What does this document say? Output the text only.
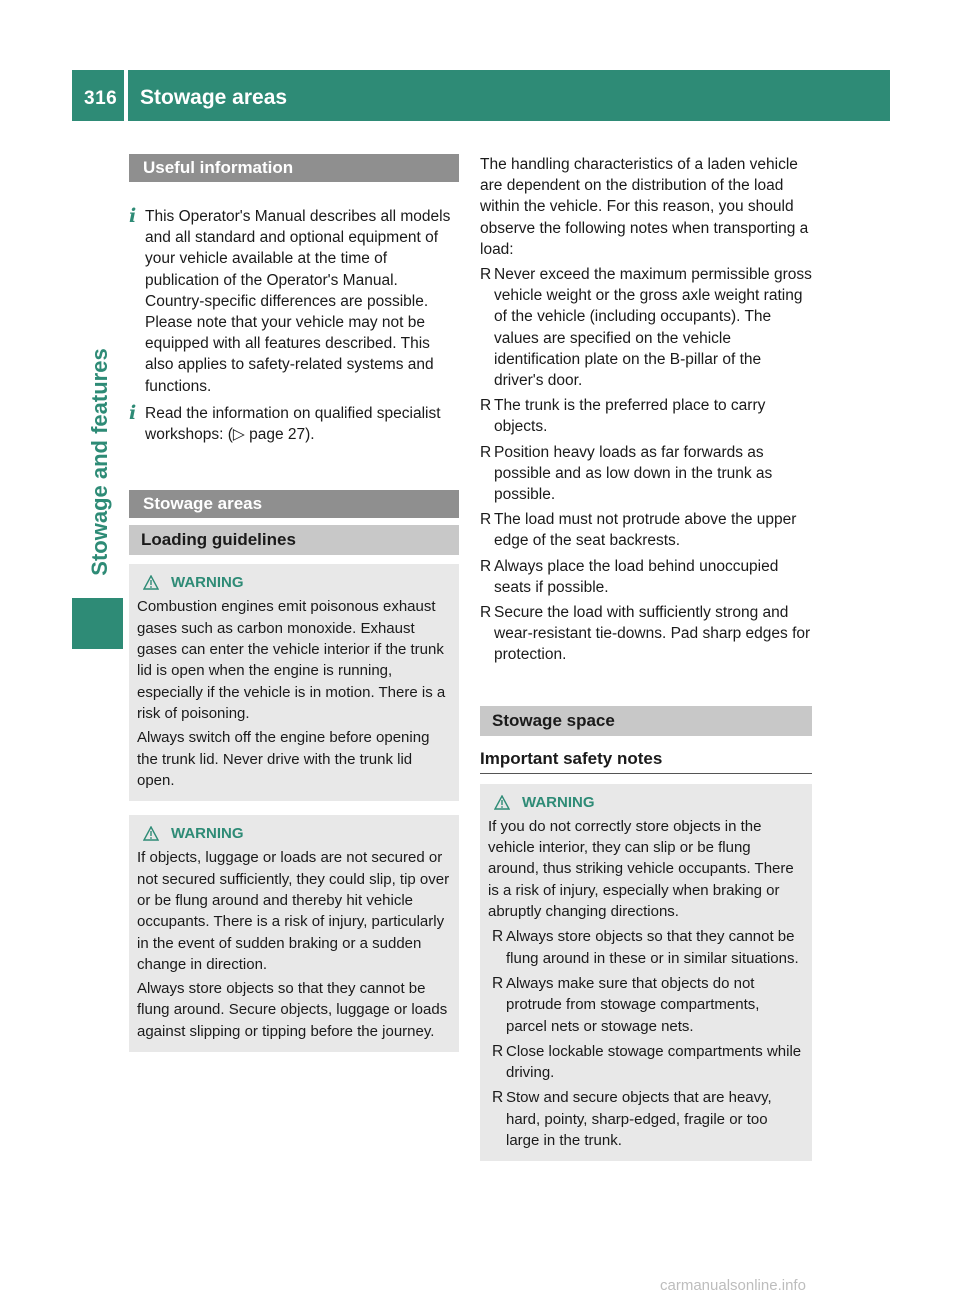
316 Stowage areas
Stowage and features
Useful information
i This Operator's Manual describes all models and all standard and optional equipment of your vehicle available at the time of publication of the Operator's Manual. Country-specific differences are possible. Please note that your vehicle may not be equipped with all features described. This also applies to safety-related systems and functions.
i Read the information on qualified specialist workshops: (▷ page 27).
Stowage areas
Loading guidelines
WARNING

Combustion engines emit poisonous exhaust gases such as carbon monoxide. Exhaust gases can enter the vehicle interior if the trunk lid is open when the engine is running, especially if the vehicle is in motion. There is a risk of poisoning.

Always switch off the engine before opening the trunk lid. Never drive with the trunk lid open.

WARNING

If objects, luggage or loads are not secured or not secured sufficiently, they could slip, tip over or be flung around and thereby hit vehicle occupants. There is a risk of injury, particularly in the event of sudden braking or a sudden change in direction.

Always store objects so that they cannot be flung around. Secure objects, luggage or loads against slipping or tipping before the journey.

The handling characteristics of a laden vehicle are dependent on the distribution of the load within the vehicle. For this reason, you should observe the following notes when transporting a load:

R Never exceed the maximum permissible gross vehicle weight or the gross axle weight rating of the vehicle (including occupants). The values are specified on the vehicle identification plate on the B-pillar of the driver's door.
R The trunk is the preferred place to carry objects.
R Position heavy loads as far forwards as possible and as low down in the trunk as possible.
R The load must not protrude above the upper edge of the seat backrests.
R Always place the load behind unoccupied seats if possible.
R Secure the load with sufficiently strong and wear-resistant tie-downs. Pad sharp edges for protection.
Stowage space
Important safety notes
WARNING

If you do not correctly store objects in the vehicle interior, they can slip or be flung around, thus striking vehicle occupants. There is a risk of injury, especially when braking or abruptly changing directions.

R Always store objects so that they cannot be flung around in these or in similar situations.
R Always make sure that objects do not protrude from stowage compartments, parcel nets or stowage nets.
R Close lockable stowage compartments while driving.
R Stow and secure objects that are heavy, hard, pointy, sharp-edged, fragile or too large in the trunk.
carmanualsonline.info
